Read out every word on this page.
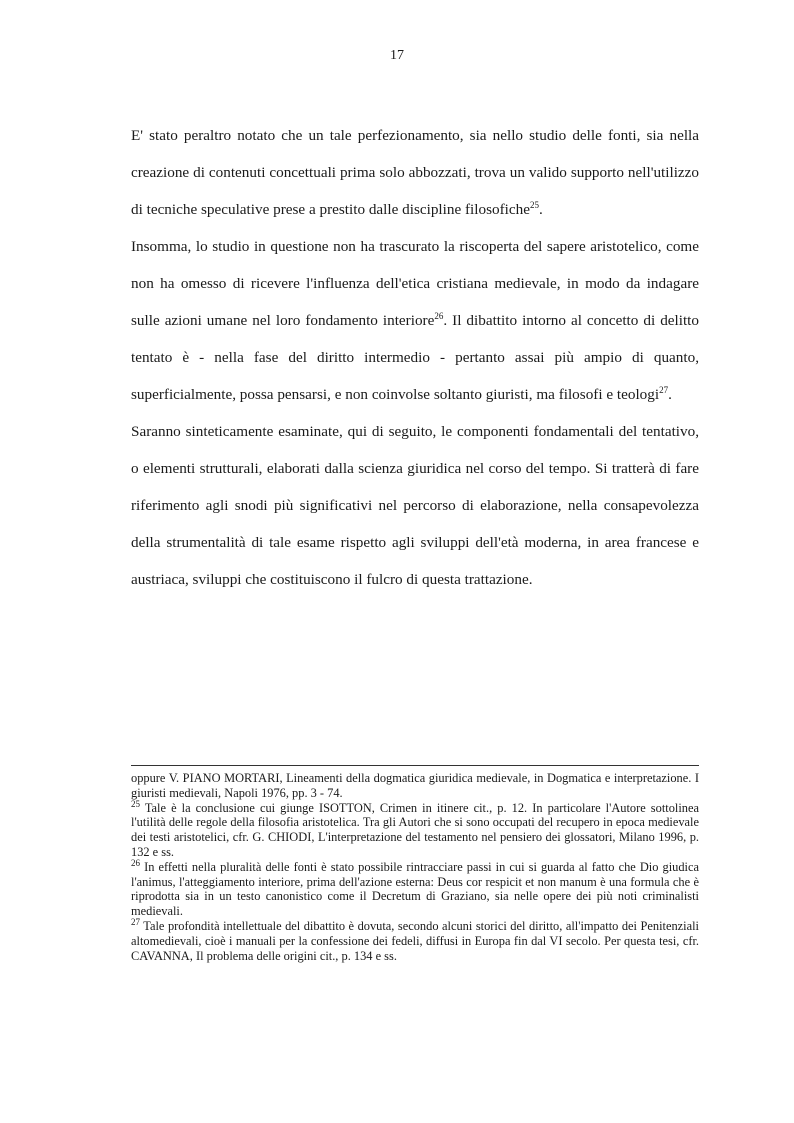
17

E' stato peraltro notato che un tale perfezionamento, sia nello studio delle fonti, sia nella creazione di contenuti concettuali prima solo abbozzati, trova un valido supporto nell'utilizzo di tecniche speculative prese a prestito dalle discipline filosofiche$^{25}$.

Insomma, lo studio in questione non ha trascurato la riscoperta del sapere aristotelico, come non ha omesso di ricevere l'influenza dell'etica cristiana medievale, in modo da indagare sulle azioni umane nel loro fondamento interiore$^{26}$. Il dibattito intorno al concetto di delitto tentato è - nella fase del diritto intermedio - pertanto assai più ampio di quanto, superficialmente, possa pensarsi, e non coinvolse soltanto giuristi, ma filosofi e teologi$^{27}$.

Saranno sinteticamente esaminate, qui di seguito, le componenti fondamentali del tentativo, o elementi strutturali, elaborati dalla scienza giuridica nel corso del tempo. Si tratterà di fare riferimento agli snodi più significativi nel percorso di elaborazione, nella consapevolezza della strumentalità di tale esame rispetto agli sviluppi dell'età moderna, in area francese e austriaca, sviluppi che costituiscono il fulcro di questa trattazione.

oppure V. PIANO MORTARI, Lineamenti della dogmatica giuridica medievale, in Dogmatica e interpretazione. I giuristi medievali, Napoli 1976, pp. 3 - 74.

$^{25}$ Tale è la conclusione cui giunge ISOTTON, Crimen in itinere cit., p. 12. In particolare l'Autore sottolinea l'utilità delle regole della filosofia aristotelica. Tra gli Autori che si sono occupati del recupero in epoca medievale dei testi aristotelici, cfr. G. CHIODI, L'interpretazione del testamento nel pensiero dei glossatori, Milano 1996, p. 132 e ss.

$^{26}$ In effetti nella pluralità delle fonti è stato possibile rintracciare passi in cui si guarda al fatto che Dio giudica l'animus, l'atteggiamento interiore, prima dell'azione esterna: Deus cor respicit et non manum è una formula che è riprodotta sia in un testo canonistico come il Decretum di Graziano, sia nelle opere dei più noti criminalisti medievali.

$^{27}$ Tale profondità intellettuale del dibattito è dovuta, secondo alcuni storici del diritto, all'impatto dei Penitenziali altomedievali, cioè i manuali per la confessione dei fedeli, diffusi in Europa fin dal VI secolo. Per questa tesi, cfr. CAVANNA, Il problema delle origini cit., p. 134 e ss.
